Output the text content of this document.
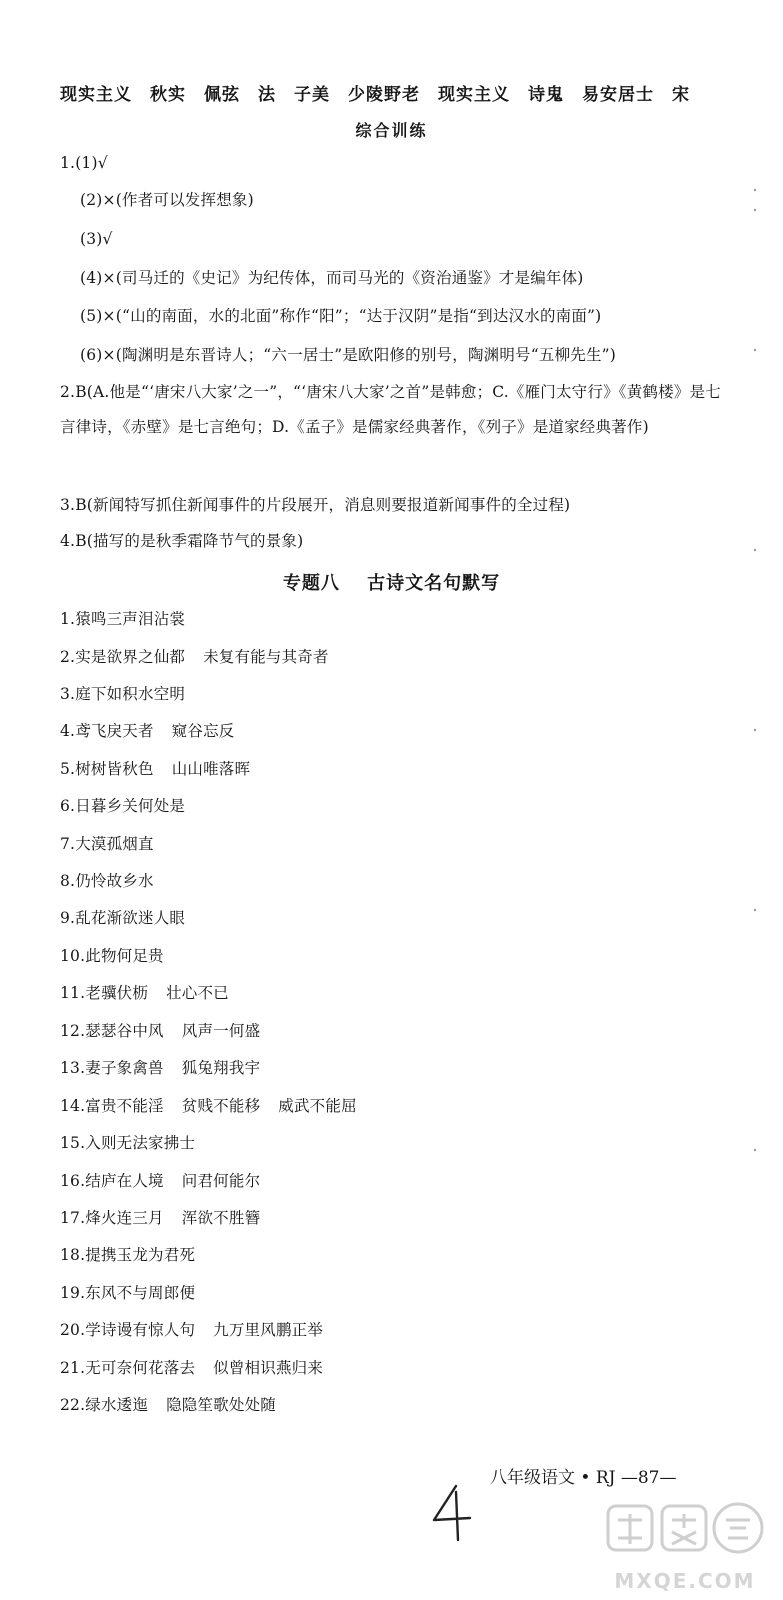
现实主义 秋实 佩弦 法 子美 少陵野老 现实主义 诗鬼 易安居士 宋
综合训练
1.(1)√
(2)×(作者可以发挥想象)
(3)√
(4)×(司马迁的《史记》为纪传体，而司马光的《资治通鉴》才是编年体)
(5)×(“山的南面，水的北面”称作“阳”；“达于汉阴”是指“到达汉水的南面”)
(6)×(陶渊明是东晋诗人；“六一居士”是欧阳修的别号，陶渊明号“五柳先生”)
2.B(A.他是“‘唐宋八大家’之一”，“‘唐宋八大家’之首”是韩愈；C.《雁门太守行》《黄鹤楼》是七言律诗，《赤壁》是七言绝句；D.《孟子》是儒家经典著作，《列子》是道家经典著作)
3.B(新闻特写抓住新闻事件的片段展开，消息则要报道新闻事件的全过程)
4.B(描写的是秋季霜降节气的景象)
专题八 古诗文名句默写
1.猿鸣三声泪沾裳
2.实是欲界之仙都 未复有能与其奇者
3.庭下如积水空明
4.鸢飞戾天者 窥谷忘反
5.树树皆秋色 山山唯落晖
6.日暮乡关何处是
7.大漠孤烟直
8.仍怜故乡水
9.乱花渐欲迷人眼
10.此物何足贵
11.老骥伏枥 壮心不已
12.瑟瑟谷中风 风声一何盛
13.妻子象禽兽 狐兔翔我宇
14.富贵不能淫 贫贱不能移 威武不能屈
15.入则无法家拂士
16.结庐在人境 问君何能尔
17.烽火连三月 浑欲不胜簪
18.提携玉龙为君死
19.东风不与周郎便
20.学诗谩有惊人句 九万里风鹏正举
21.无可奈何花落去 似曾相识燕归来
22.绿水逶迤 隐隐笙歌处处随
八年级语文 • RJ —87—
MXQE.COM
